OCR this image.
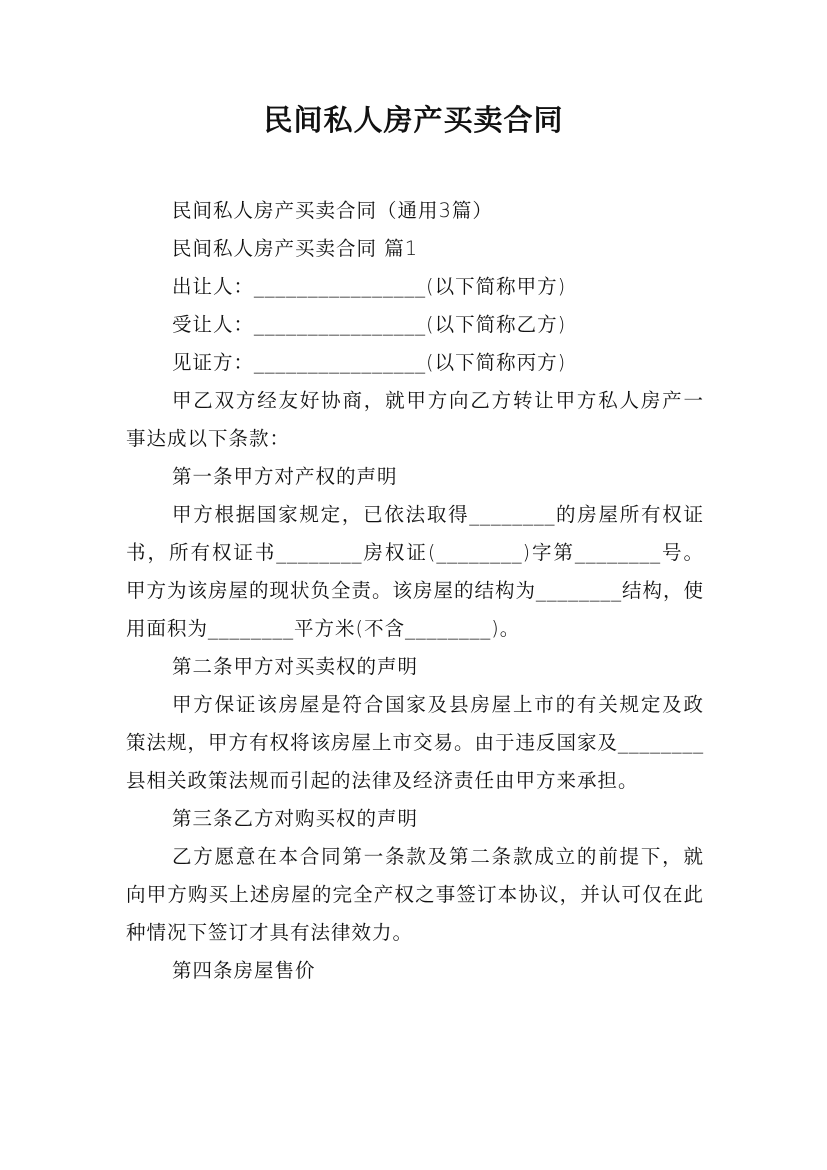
民间私人房产买卖合同

民间私人房产买卖合同（通用3篇）

民间私人房产买卖合同 篇1

出让人：________________(以下简称甲方)

受让人：________________(以下简称乙方)

见证方：________________(以下简称丙方)

甲乙双方经友好协商，就甲方向乙方转让甲方私人房产一事达成以下条款：

第一条甲方对产权的声明

甲方根据国家规定，已依法取得________的房屋所有权证书，所有权证书________房权证(________)字第________号。甲方为该房屋的现状负全责。该房屋的结构为________结构，使用面积为________平方米(不含________)。

第二条甲方对买卖权的声明

甲方保证该房屋是符合国家及县房屋上市的有关规定及政策法规，甲方有权将该房屋上市交易。由于违反国家及________县相关政策法规而引起的法律及经济责任由甲方来承担。

第三条乙方对购买权的声明

乙方愿意在本合同第一条款及第二条款成立的前提下，就向甲方购买上述房屋的完全产权之事签订本协议，并认可仅在此种情况下签订才具有法律效力。

第四条房屋售价
